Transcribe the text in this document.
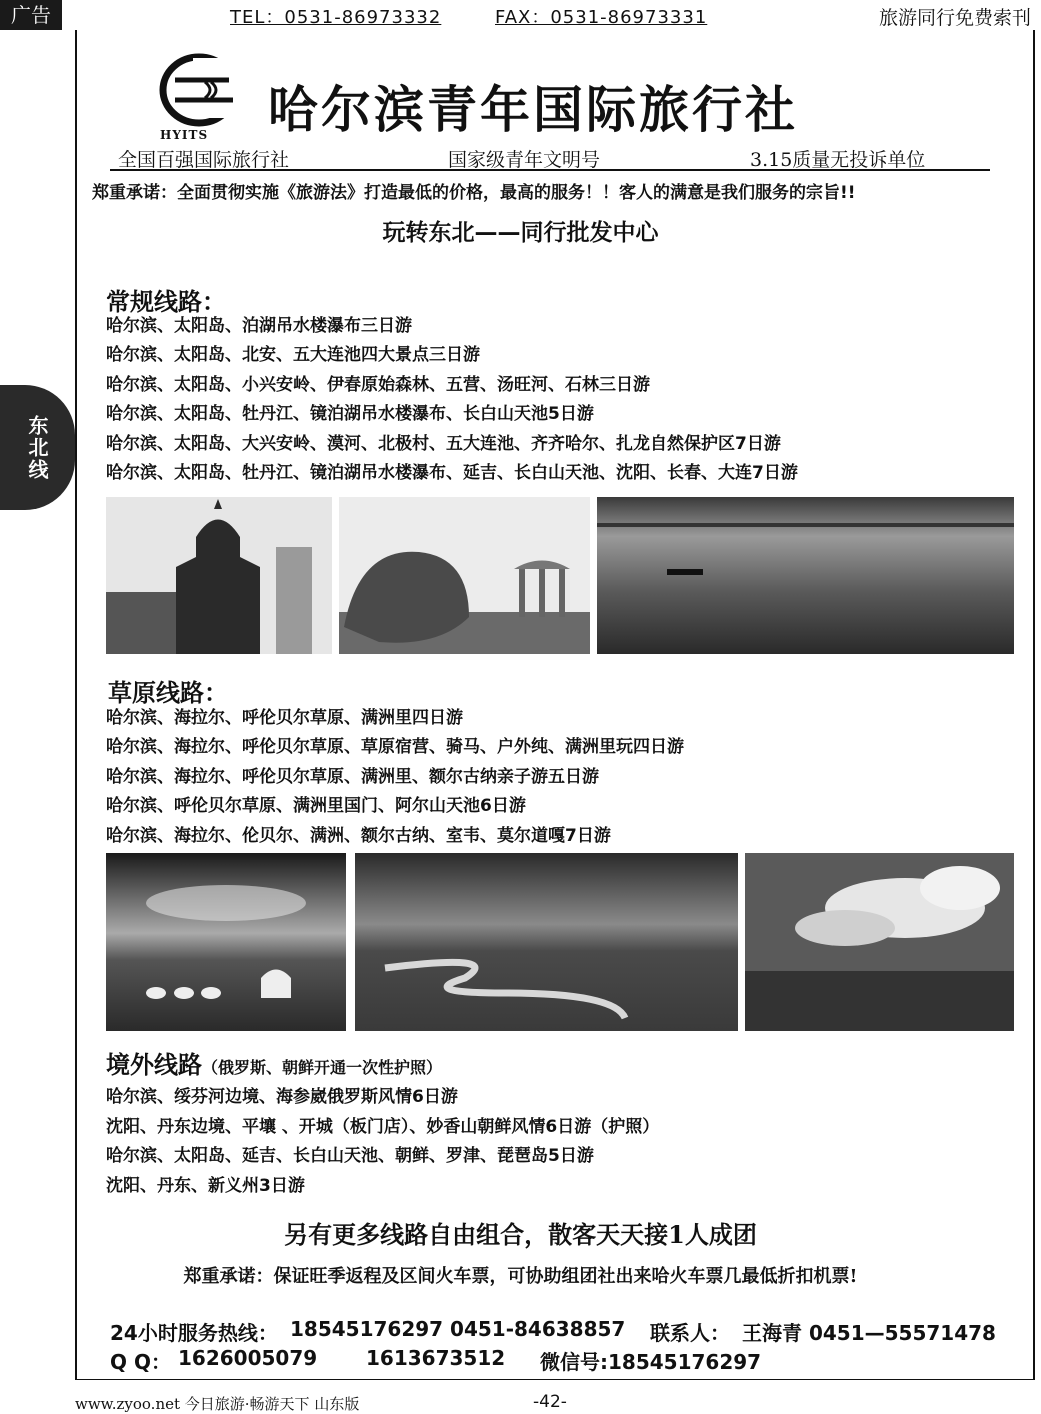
广告	TEL：0531-86973332	FAX：0531-86973331	旅游同行免费索刊
东北线
HYITS 哈尔滨青年国际旅行社
全国百强国际旅行社	国家级青年文明号	3.15质量无投诉单位
郑重承诺：全面贯彻实施《旅游法》打造最低的价格，最高的服务！！客人的满意是我们服务的宗旨!!
玩转东北——同行批发中心
常规线路：
哈尔滨、太阳岛、泊湖吊水楼瀑布三日游
哈尔滨、太阳岛、北安、五大连池四大景点三日游
哈尔滨、太阳岛、小兴安岭、伊春原始森林、五营、汤旺河、石林三日游
哈尔滨、太阳岛、牡丹江、镜泊湖吊水楼瀑布、长白山天池5日游
哈尔滨、太阳岛、大兴安岭、漠河、北极村、五大连池、齐齐哈尔、扎龙自然保护区7日游
哈尔滨、太阳岛、牡丹江、镜泊湖吊水楼瀑布、延吉、长白山天池、沈阳、长春、大连7日游
草原线路：
哈尔滨、海拉尔、呼伦贝尔草原、满洲里四日游
哈尔滨、海拉尔、呼伦贝尔草原、草原宿营、骑马、户外纯、满洲里玩四日游
哈尔滨、海拉尔、呼伦贝尔草原、满洲里、额尔古纳亲子游五日游
哈尔滨、呼伦贝尔草原、满洲里国门、阿尔山天池6日游
哈尔滨、海拉尔、伦贝尔、满洲、额尔古纳、室韦、莫尔道嘎7日游
境外线路（俄罗斯、朝鲜开通一次性护照）
哈尔滨、绥芬河边境、海参崴俄罗斯风情6日游
沈阳、丹东边境、平壤 、开城（板门店）、妙香山朝鲜风情6日游（护照）
哈尔滨、太阳岛、延吉、长白山天池、朝鲜、罗津、琵琶岛5日游
沈阳、丹东、新义州3日游
另有更多线路自由组合，散客天天接1人成团
郑重承诺：保证旺季返程及区间火车票，可协助组团社出来哈火车票几最低折扣机票!
24小时服务热线： 18545176297 0451-84638857 联系人： 王海青 0451—55571478
Q Q： 1626005079 1613673512 微信号:18545176297
www.zyoo.net 今日旅游·畅游天下 山东版	-42-
